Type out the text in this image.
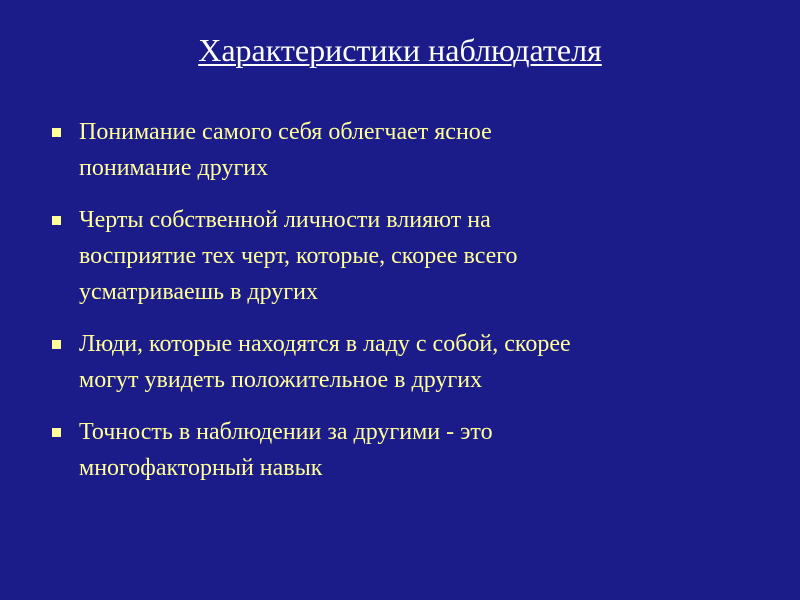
Характеристики наблюдателя
Понимание самого себя облегчает ясное
понимание других
Черты собственной личности влияют на
восприятие тех черт, которые, скорее всего
усматриваешь в других
Люди, которые находятся в ладу с собой, скорее
могут увидеть положительное в других
Точность в наблюдении за другими - это
многофакторный навык
